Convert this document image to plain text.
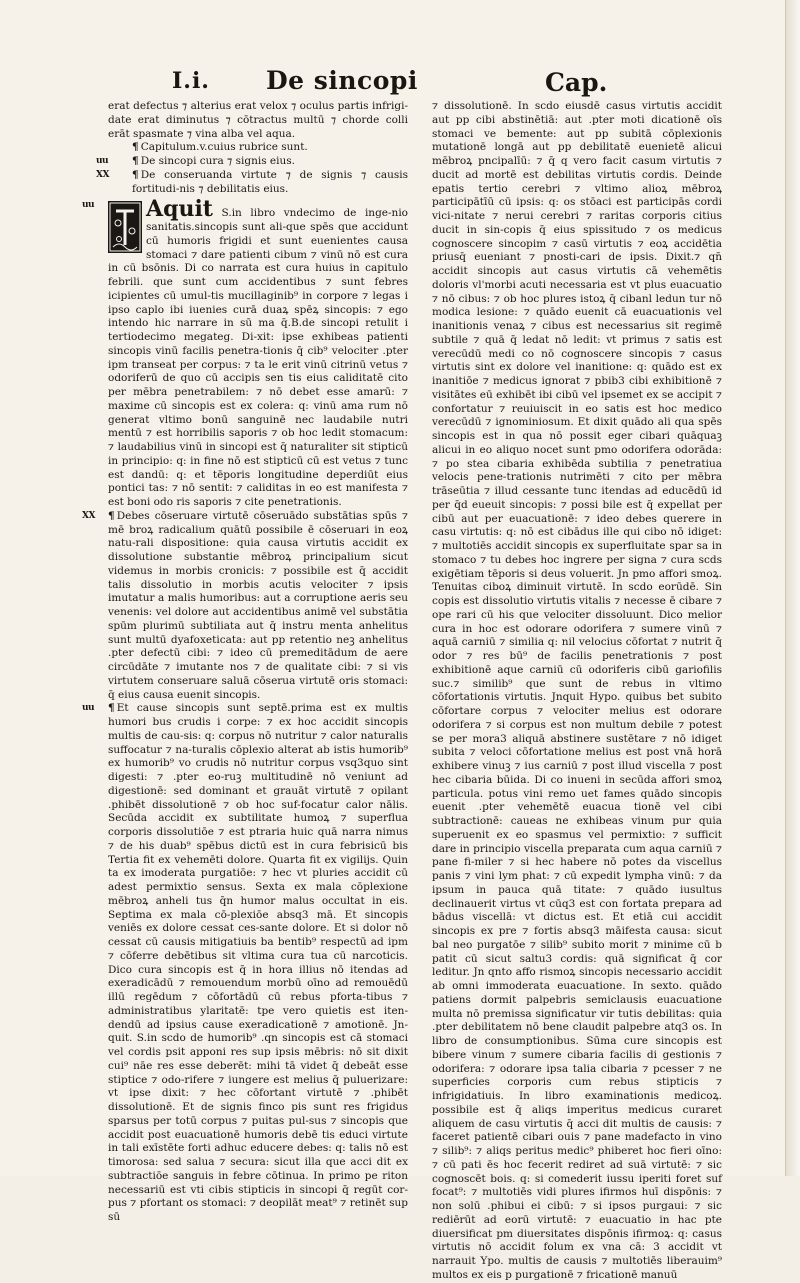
I.i. De sincopi	Cap.

erat defectus ⁊ alterius erat velox ⁊ oculus partis infrigi-date erat diminutus ⁊ cōtractus multū ⁊ chorde colli erāt spasmate ⁊ vina alba vel aqua.

¶ Capitulum.v.cuius rubrice sunt.

uu ¶ De sincopi cura ⁊ signis eius.

XX ¶ De conseruanda virtute ⁊ de signis ⁊ causis fortitudi-nis ⁊ debilitatis eius.

uu Aquit S.in libro vndecimo de inge-nio sanitatis.sincopis sunt ali-que spēs que accidunt cū humoris frigidi et sunt euenientes causa stomaci ⁊ dare patienti cibum ⁊ vinū nō est cura in cū bsōnis. Di co narrata est cura huius in capitulo febrili. que sunt cum accidentibus ⁊ sunt febres icipientes cū umul-tis mucillaginib⁹ in corpore ⁊ legas i ipso caplo ibi iuenies curā duaꝝ spēꝝ sincopis: ⁊ ego intendo hic narrare in sū ma q̄.B.de sincopi retulit i tertiodecimo megateg. Di-xit: ipse exhibeas patienti sincopis vinū facilis penetra-tionis q̄ cib⁹ velociter .pter ipm transeat per corpus: ⁊ ta le erit vinū citrinū vetus ⁊ odoriferū de quo cū accipis sen tis eius caliditatē cito per mēbra penetrabilem: ⁊ nō debet esse amarū: ⁊ maxime cū sincopis est ex colera: q: vinū ama rum nō generat vltimo bonū sanguinē nec laudabile nutri mentū ⁊ est horribilis saporis ⁊ ob hoc ledit stomacum: ⁊ laudabilius vinū in sincopi est q̄ naturaliter sit stipticū in principio: q: in fine nō est stipticū cū est vetus ⁊ tunc est dandū: q: et tēporis longitudine deperdiūt eius pontici tas: ⁊ nō sentit: ⁊ caliditas in eo est manifesta ⁊ est boni odo ris saporis ⁊ cite penetrationis.

XX ¶ Debes cōseruare virtutē cōseruādo substātias spūs ⁊ mē broꝝ radicalium quātū possibile ē cōseruari in eoꝝ natu-rali dispositione: quia causa virtutis accidit ex dissolutione substantie mēbroꝝ principalium sicut videmus in morbis cronicis: ⁊ possibile est q̄ accidit talis dissolutio in morbis acutis velociter ⁊ ipsis imutatur a malis humoribus: aut a corruptione aeris seu venenis: vel dolore aut accidentibus animē vel substātia spūm plurimū subtiliata aut q̄ instru menta anhelitus sunt multū dyafoxeticata: aut pp retentio neꝫ anhelitus .pter defectū cibi: ⁊ ideo cū premeditādum de aere circūdāte ⁊ imutante nos ⁊ de qualitate cibi: ⁊ si vis virtutem conseruare saluā cōserua virtutē oris stomaci: q̄ eius causa euenit sincopis.

uu ¶ Et cause sincopis sunt septē.prima est ex multis humori bus crudis i corpe: ⁊ ex hoc accidit sincopis multis de cau-sis: q: corpus nō nutritur ⁊ calor naturalis suffocatur ⁊ na-turalis cōplexio alterat ab istis humorib⁹ ex humorib⁹ vo crudis nō nutritur corpus vsq3quo sint digesti: ⁊ .pter eo-ruꝫ multitudinē nō veniunt ad digestionē: sed dominant et grauāt virtutē ⁊ opilant .phibēt dissolutionē ⁊ ob hoc suf-focatur calor nālis. Secūda accidit ex subtilitate humoꝝ ⁊ superflua corporis dissolutiōe ⁊ est ptraria huic quā narra nimus ⁊ de his duab⁹ spēbus dictū est in cura febrisicū bis Tertia fit ex vehemēti dolore. Quarta fit ex vigilijs. Quin ta ex imoderata purgatiōe: ⁊ hec vt pluries accidit cū adest permixtio sensus. Sexta ex mala cōplexione mēbroꝝ anheli tus q̄n humor malus occultat in eis. Septima ex mala cō-plexiōe absq3 mā. Et sincopis veniēs ex dolore cessat ces-sante dolore. Et si dolor nō cessat cū causis mitigatiuis ba bentib⁹ respectū ad ipm ⁊ cōferre debētibus sit vltima cura tua cū narcoticis. Dico cura sincopis est q̄ in hora illius nō itendas ad exeradicādū ⁊ remouendum morbū oīno ad remouēdū illū regēdum ⁊ cōfortādū cū rebus pforta-tibus ⁊ administratibus ylaritatē: tpe vero quietis est iten-dendū ad ipsius cause exeradicationē ⁊ amotionē. Jn-quit. S.in scdo de humorib⁹ .qn sincopis est cā stomaci vel cordis psit apponi res sup ipsis mēbris: nō sit dixit cui⁹ nāe res esse deberēt: mihi tā videt q̄ debeāt esse stiptice ⁊ odo-rifere ⁊ iungere est melius q̄ puluerizare: vt ipse dixit: ⁊ hec cōfortant virtutē ⁊ .phibēt dissolutionē. Et de signis finco pis sunt res frigidus sparsus per totū corpus ⁊ puitas pul-sus ⁊ sincopis que accidit post euacuationē humoris debē tis educi virtute in tali exīstēte forti adhuc educere debes: q: talis nō est timorosa: sed salua ⁊ secura: sicut illa que acci dit ex subtractiōe sanguis in febre cōtinua. In primo pe riton necessariū est vti cibis stipticis in sincopi q̄ regūt cor-pus ⁊ pfortant os stomaci: ⁊ deopilāt meat⁹ ⁊ retinēt sup sū

⁊ dissolutionē. In scdo eiusdē casus virtutis accidit aut pp cibi abstinētiā: aut .pter moti dicationē oīs stomaci ve bemente: aut pp subitā cōplexionis mutationē longā aut pp debilitatē euenietē alicui mēbroꝝ pncipalīū: ⁊ q̄ q vero facit casum virtutis ⁊ ducit ad mortē est debilitas virtutis cordis. Deinde epatis tertio cerebri ⁊ vltimo alioꝝ mēbroꝝ participātīū cū ipsis: q: os stōaci est participās cordi vici-nitate ⁊ nerui cerebri ⁊ raritas corporis citius ducit in sin-copis q̄ eius spissitudo ⁊ os medicus cognoscere sincopim ⁊ casū virtutis ⁊ eoꝝ accidētia priusq̄ eueniant ⁊ pnosti-cari de ipsis. Dixit.⁊ qn̄ accidit sincopis aut casus virtutis cā vehemētis doloris vl'morbi acuti necessaria est vt plus euacuatio ⁊ nō cibus: ⁊ ob hoc plures istoꝝ q̄ cibanl ledun tur nō modica lesione: ⁊ quādo euenit cā euacuationis vel inanitionis venaꝝ ⁊ cibus est necessarius sit regimē subtile ⁊ quā q̄ ledat nō ledit: vt primus ⁊ satis est verecūdū medi co nō cognoscere sincopis ⁊ casus virtutis sint ex dolore vel inanitione: q: quādo est ex inanitiōe ⁊ medicus ignorat ⁊ pbib3 cibi exhibitionē ⁊ visitātes eū exhibēt ibi cibū vel ipsemet ex se accipit ⁊ confortatur ⁊ reuiuiscit in eo satis est hoc medico verecūdū ⁊ ignominiosum. Et dixit quādo ali qua spēs sincopis est in qua nō possit eger cibari quāquaꝫ alicui in eo aliquo nocet sunt pmo odorifera odorāda: ⁊ po stea cibaria exhibēda subtilia ⁊ penetratiua velocis pene-trationis nutrimēti ⁊ cito per mēbra trāseūtia ⁊ illud cessante tunc itendas ad educēdū id per q̄d eueuit sincopis: ⁊ possi bile est q̄ expellat per cibū aut per euacuationē: ⁊ ideo debes querere in casu virtutis: q: nō est cibādus ille qui cibo nō idiget: ⁊ multotiēs accidit sincopis ex superfluitate spar sa in stomaco ⁊ tu debes hoc ingrere per signa ⁊ cura scds exigētiam tēporis si deus voluerit. Jn pmo affori smoꝝ. Tenuitas ciboꝝ diminuit virtutē. In scdo eorūdē. Sin copis est dissolutio virtutis vitalis ⁊ necesse ē cibare ⁊ ope rari cū his que velociter dissoluunt. Dico melior cura in hoc est odorare odorifera ⁊ sumere vinū ⁊ aquā carniū ⁊ similia q: nil velocius cōfortat ⁊ nutrit q̄ odor ⁊ res bū⁹ de facilis penetrationis ⁊ post exhibitionē aque carniū cū odoriferis cibū gariofilis suc.⁊ similib⁹ que sunt de rebus in vltimo cōfortationis virtutis. Jnquit Hypo. quibus bet subito cōfortare corpus ⁊ velociter melius est odorare odorifera ⁊ si corpus est non multum debile ⁊ potest se per mora3 aliquā abstinere sustētare ⁊ nō idiget subita ⁊ veloci cōfortatione melius est post vnā horā exhibere vinuꝫ ⁊ ius carniū ⁊ post illud viscella ⁊ post hec cibaria būida. Di co inueni in secūda affori smoꝝ particula. potus vini remo uet fames quādo sincopis euenit .pter vehemētē euacua tionē vel cibi subtractionē: caueas ne exhibeas vinum pur quia superuenit ex eo spasmus vel permixtio: ⁊ sufficit dare in principio viscella preparata cum aqua carniū ⁊ pane fi-miler ⁊ si hec habere nō potes da viscellus panis ⁊ vini lym phat: ⁊ cū expedit lympha vinū: ⁊ da ipsum in pauca quā titate: ⁊ quādo iusultus declinauerit virtus vt cūq3 est con fortata prepara ad bādus viscellā: vt dictus est. Et etiā cui accidit sincopis ex pre ⁊ fortis absq3 māifesta causa: sicut bal neo purgatōe ⁊ silib⁹ subito morit ⁊ minime cū b patit cū sicut saltu3 cordis: quā significat q̄ cor leditur. Jn qnto affo rismoꝝ sincopis necessario accidit ab omni immoderata euacuatione. In sexto. quādo patiens dormit palpebris semiclausis euacuatione multa nō premissa significatur vir tutis debilitas: quia .pter debilitatem nō bene claudit palpebre atq3 os. In libro de consumptionibus. Sūma cure sincopis est bibere vinum ⁊ sumere cibaria facilis di gestionis ⁊ odorifera: ⁊ odorare ipsa talia cibaria ⁊ pcesser ⁊ ne superficies corporis cum rebus stipticis ⁊ infrigidatiuis. In libro examinationis medicoꝝ. possibile est q̄ aliqs imperitus medicus curaret aliquem de casu virtutis q̄ acci dit multis de causis: ⁊ faceret patientē cibari ouis ⁊ pane madefacto in vino ⁊ silib⁹: ⁊ aliqs peritus medic⁹ phiberet hoc fieri oīno: ⁊ cū pati ēs hoc fecerit rediret ad suā virtutē: ⁊ sic cognoscēt bois. q: si comederit iussu iperiti foret suf focat⁹: ⁊ multotiēs vidi plures ifirmos huī dispōnis: ⁊ non solū .phibui ei cibū: ⁊ si ipsos purgaui: ⁊ sic rediērūt ad eorū virtutē: ⁊ euacuatio in hac pte diuersificat pm diuersitates dispōnis ifirmoꝝ: q: casus virtutis nō accidit folum ex vna cā: 3 accidit vt narrauit Ypo. multis de causis ⁊ multotiēs liberauim⁹ multos ex eis p purgationē ⁊ fricationē manuū
